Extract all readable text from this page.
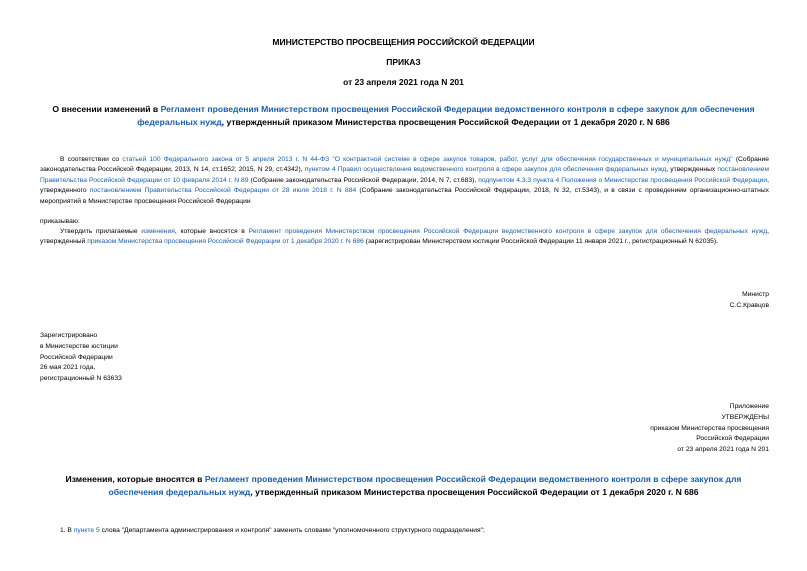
МИНИСТЕРСТВО ПРОСВЕЩЕНИЯ РОССИЙСКОЙ ФЕДЕРАЦИИ
ПРИКАЗ
от 23 апреля 2021 года N 201
О внесении изменений в Регламент проведения Министерством просвещения Российской Федерации ведомственного контроля в сфере закупок для обеспечения федеральных нужд, утвержденный приказом Министерства просвещения Российской Федерации от 1 декабря 2020 г. N 686
В соответствии со статьей 100 Федерального закона от 5 апреля 2013 г. N 44-ФЗ "О контрактной системе в сфере закупок товаров, работ, услуг для обеспечения государственных и муниципальных нужд" (Собрание законодательства Российской Федерации, 2013, N 14, ст.1652; 2015, N 29, ст.4342), пунктом 4 Правил осуществления ведомственного контроля в сфере закупок для обеспечения федеральных нужд, утвержденных постановлением Правительства Российской Федерации от 10 февраля 2014 г. N 89 (Собрание законодательства Российской Федерации, 2014, N 7, ст.683), подпунктом 4.3.3 пункта 4 Положения о Министерстве просвещения Российской Федерации, утвержденного постановлением Правительства Российской Федерации от 28 июля 2018 г. N 884 (Собрание законодательства Российской Федерации, 2018, N 32, ст.5343), и в связи с проведением организационно-штатных мероприятий в Министерстве просвещения Российской Федерации
приказываю:
Утвердить прилагаемые изменения, которые вносятся в Регламент проведения Министерством просвещения Российской Федерации ведомственного контроля в сфере закупок для обеспечения федеральных нужд, утвержденный приказом Министерства просвещения Российской Федерации от 1 декабря 2020 г. N 686 (зарегистрирован Министерством юстиции Российской Федерации 11 января 2021 г., регистрационный N 62035).
Министр
С.С.Кравцов
Зарегистрировано
в Министерстве юстиции
Российской Федерации
26 мая 2021 года,
регистрационный N 63633
Приложение
УТВЕРЖДЕНЫ
приказом Министерства просвещения
Российской Федерации
от 23 апреля 2021 года N 201
Изменения, которые вносятся в Регламент проведения Министерством просвещения Российской Федерации ведомственного контроля в сфере закупок для обеспечения федеральных нужд, утвержденный приказом Министерства просвещения Российской Федерации от 1 декабря 2020 г. N 686
1. В пункте 5 слова "Департамента администрирования и контроля" заменить словами "уполномоченного структурного подразделения";
